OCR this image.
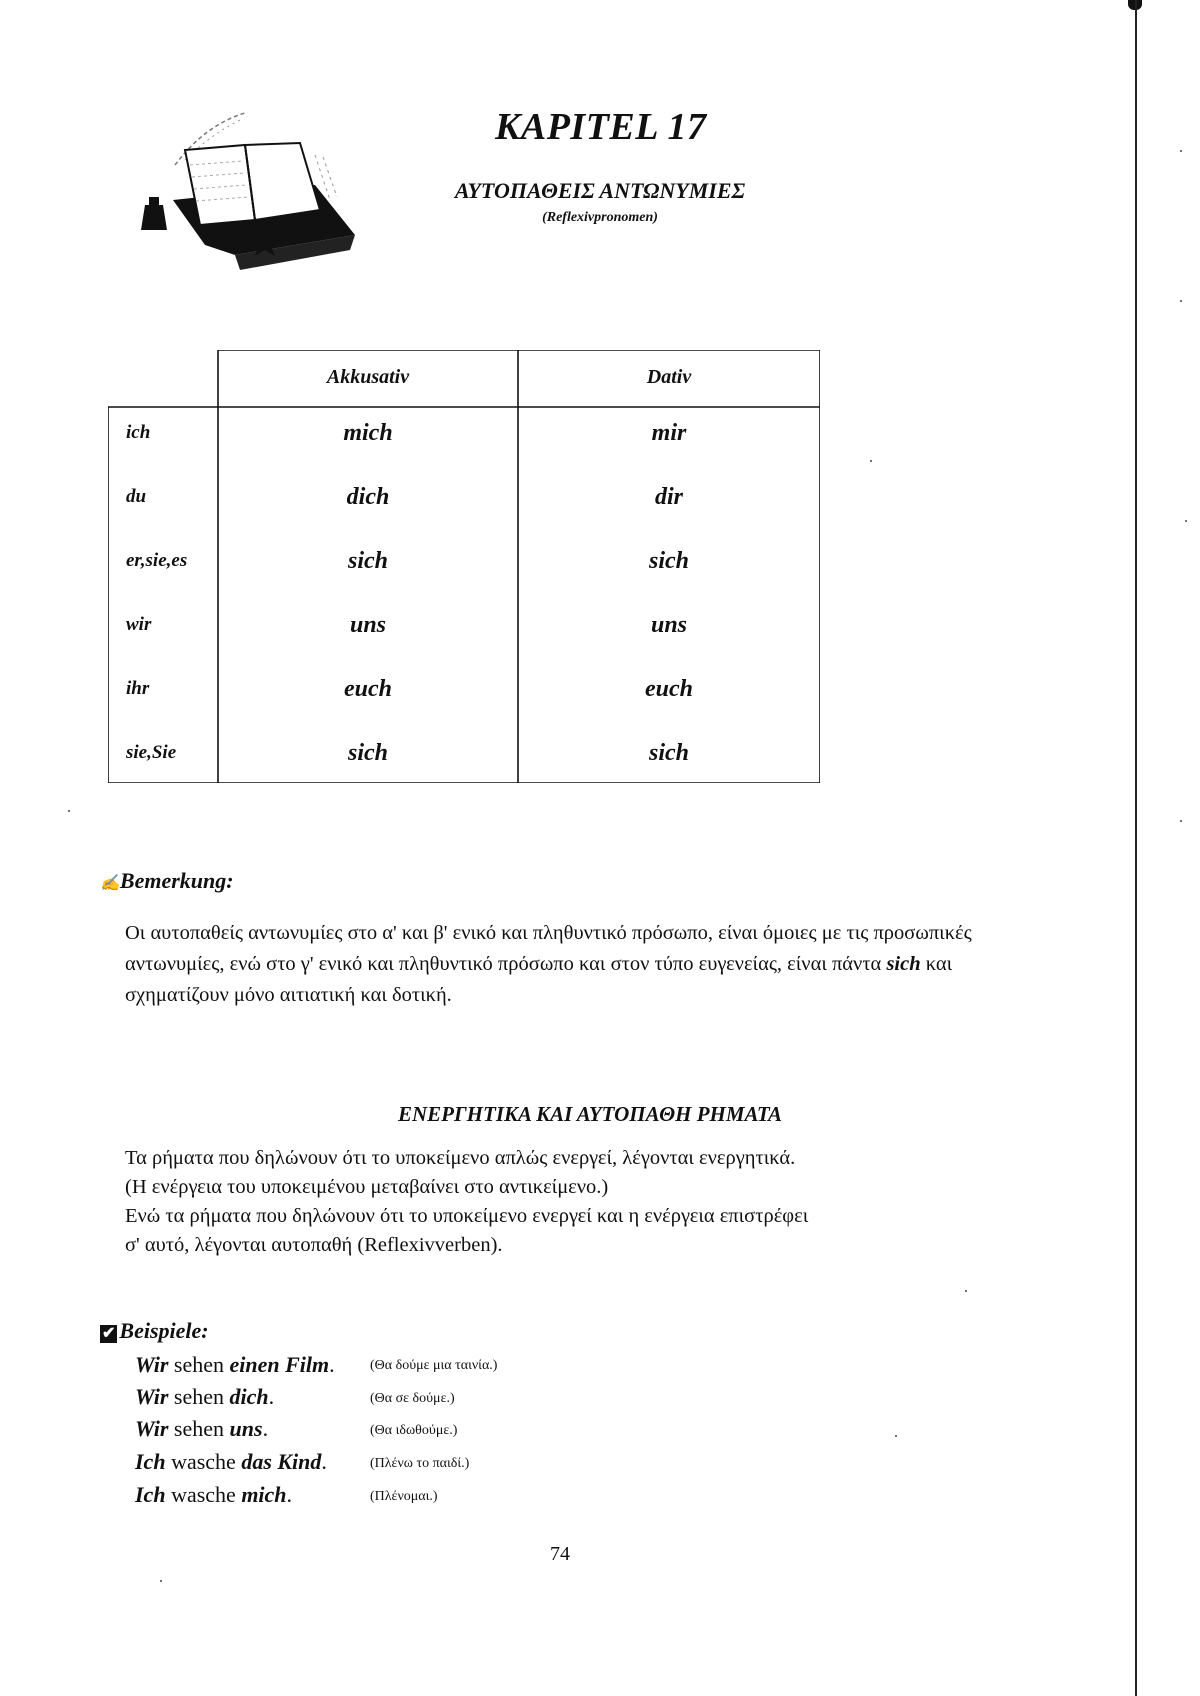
KAPITEL 17
ΑΥΤΟΠΑΘΕΙΣ ΑΝΤΩΝΥΜΙΕΣ
(Reflexivpronomen)
Akkusativ	Dativ
ich	mich	mir
du	dich	dir
er,sie,es	sich	sich
wir	uns	uns
ihr	euch	euch
sie,Sie	sich	sich
✍Bemerkung:
Οι αυτοπαθείς αντωνυμίες στο α' και β' ενικό και πληθυντικό πρόσωπο, είναι όμοιες με τις προσωπικές αντωνυμίες, ενώ στο γ' ενικό και πληθυντικό πρόσωπο και στον τύπο ευγενείας, είναι πάντα sich και σχηματίζουν μόνο αιτιατική και δοτική.
ΕΝΕΡΓΗΤΙΚΑ ΚΑΙ ΑΥΤΟΠΑΘΗ ΡΗΜΑΤΑ
Τα ρήματα που δηλώνουν ότι το υποκείμενο απλώς ενεργεί, λέγονται ενεργητικά.
(Η ενέργεια του υποκειμένου μεταβαίνει στο αντικείμενο.)
Ενώ τα ρήματα που δηλώνουν ότι το υποκείμενο ενεργεί και η ενέργεια επιστρέφει
σ' αυτό, λέγονται αυτοπαθή (Reflexivverben).
✔ Beispiele:
Wir sehen einen Film.	(Θα δούμε μια ταινία.)
Wir sehen dich.	(Θα σε δούμε.)
Wir sehen uns.	(Θα ιδωθούμε.)
Ich wasche das Kind.	(Πλένω το παιδί.)
Ich wasche mich.	(Πλένομαι.)
74
